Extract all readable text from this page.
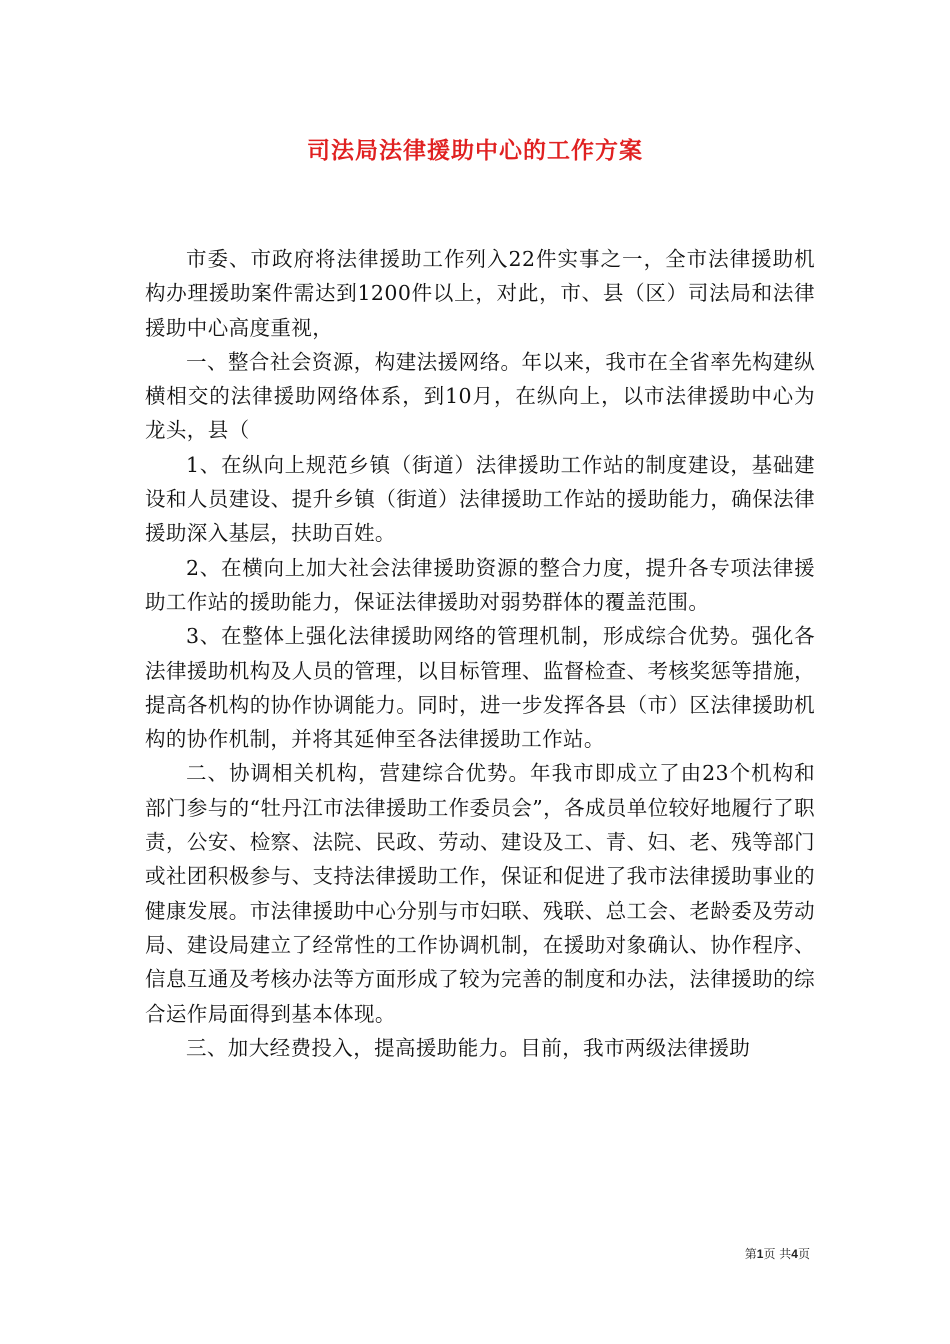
司法局法律援助中心的工作方案

市委、市政府将法律援助工作列入22件实事之一，全市法律援助机构办理援助案件需达到1200件以上，对此，市、县（区）司法局和法律援助中心高度重视，

一、整合社会资源，构建法援网络。年以来，我市在全省率先构建纵横相交的法律援助网络体系，到10月，在纵向上，以市法律援助中心为龙头，县（

1、在纵向上规范乡镇（街道）法律援助工作站的制度建设，基础建设和人员建设、提升乡镇（街道）法律援助工作站的援助能力，确保法律援助深入基层，扶助百姓。

2、在横向上加大社会法律援助资源的整合力度，提升各专项法律援助工作站的援助能力，保证法律援助对弱势群体的覆盖范围。

3、在整体上强化法律援助网络的管理机制，形成综合优势。强化各法律援助机构及人员的管理，以目标管理、监督检查、考核奖惩等措施，提高各机构的协作协调能力。同时，进一步发挥各县（市）区法律援助机构的协作机制，并将其延伸至各法律援助工作站。

二、协调相关机构，营建综合优势。年我市即成立了由23个机构和部门参与的“牡丹江市法律援助工作委员会”，各成员单位较好地履行了职责，公安、检察、法院、民政、劳动、建设及工、青、妇、老、残等部门或社团积极参与、支持法律援助工作，保证和促进了我市法律援助事业的健康发展。市法律援助中心分别与市妇联、残联、总工会、老龄委及劳动局、建设局建立了经常性的工作协调机制，在援助对象确认、协作程序、信息互通及考核办法等方面形成了较为完善的制度和办法，法律援助的综合运作局面得到基本体现。

三、加大经费投入，提高援助能力。目前，我市两级法律援助

第1页 共4页
